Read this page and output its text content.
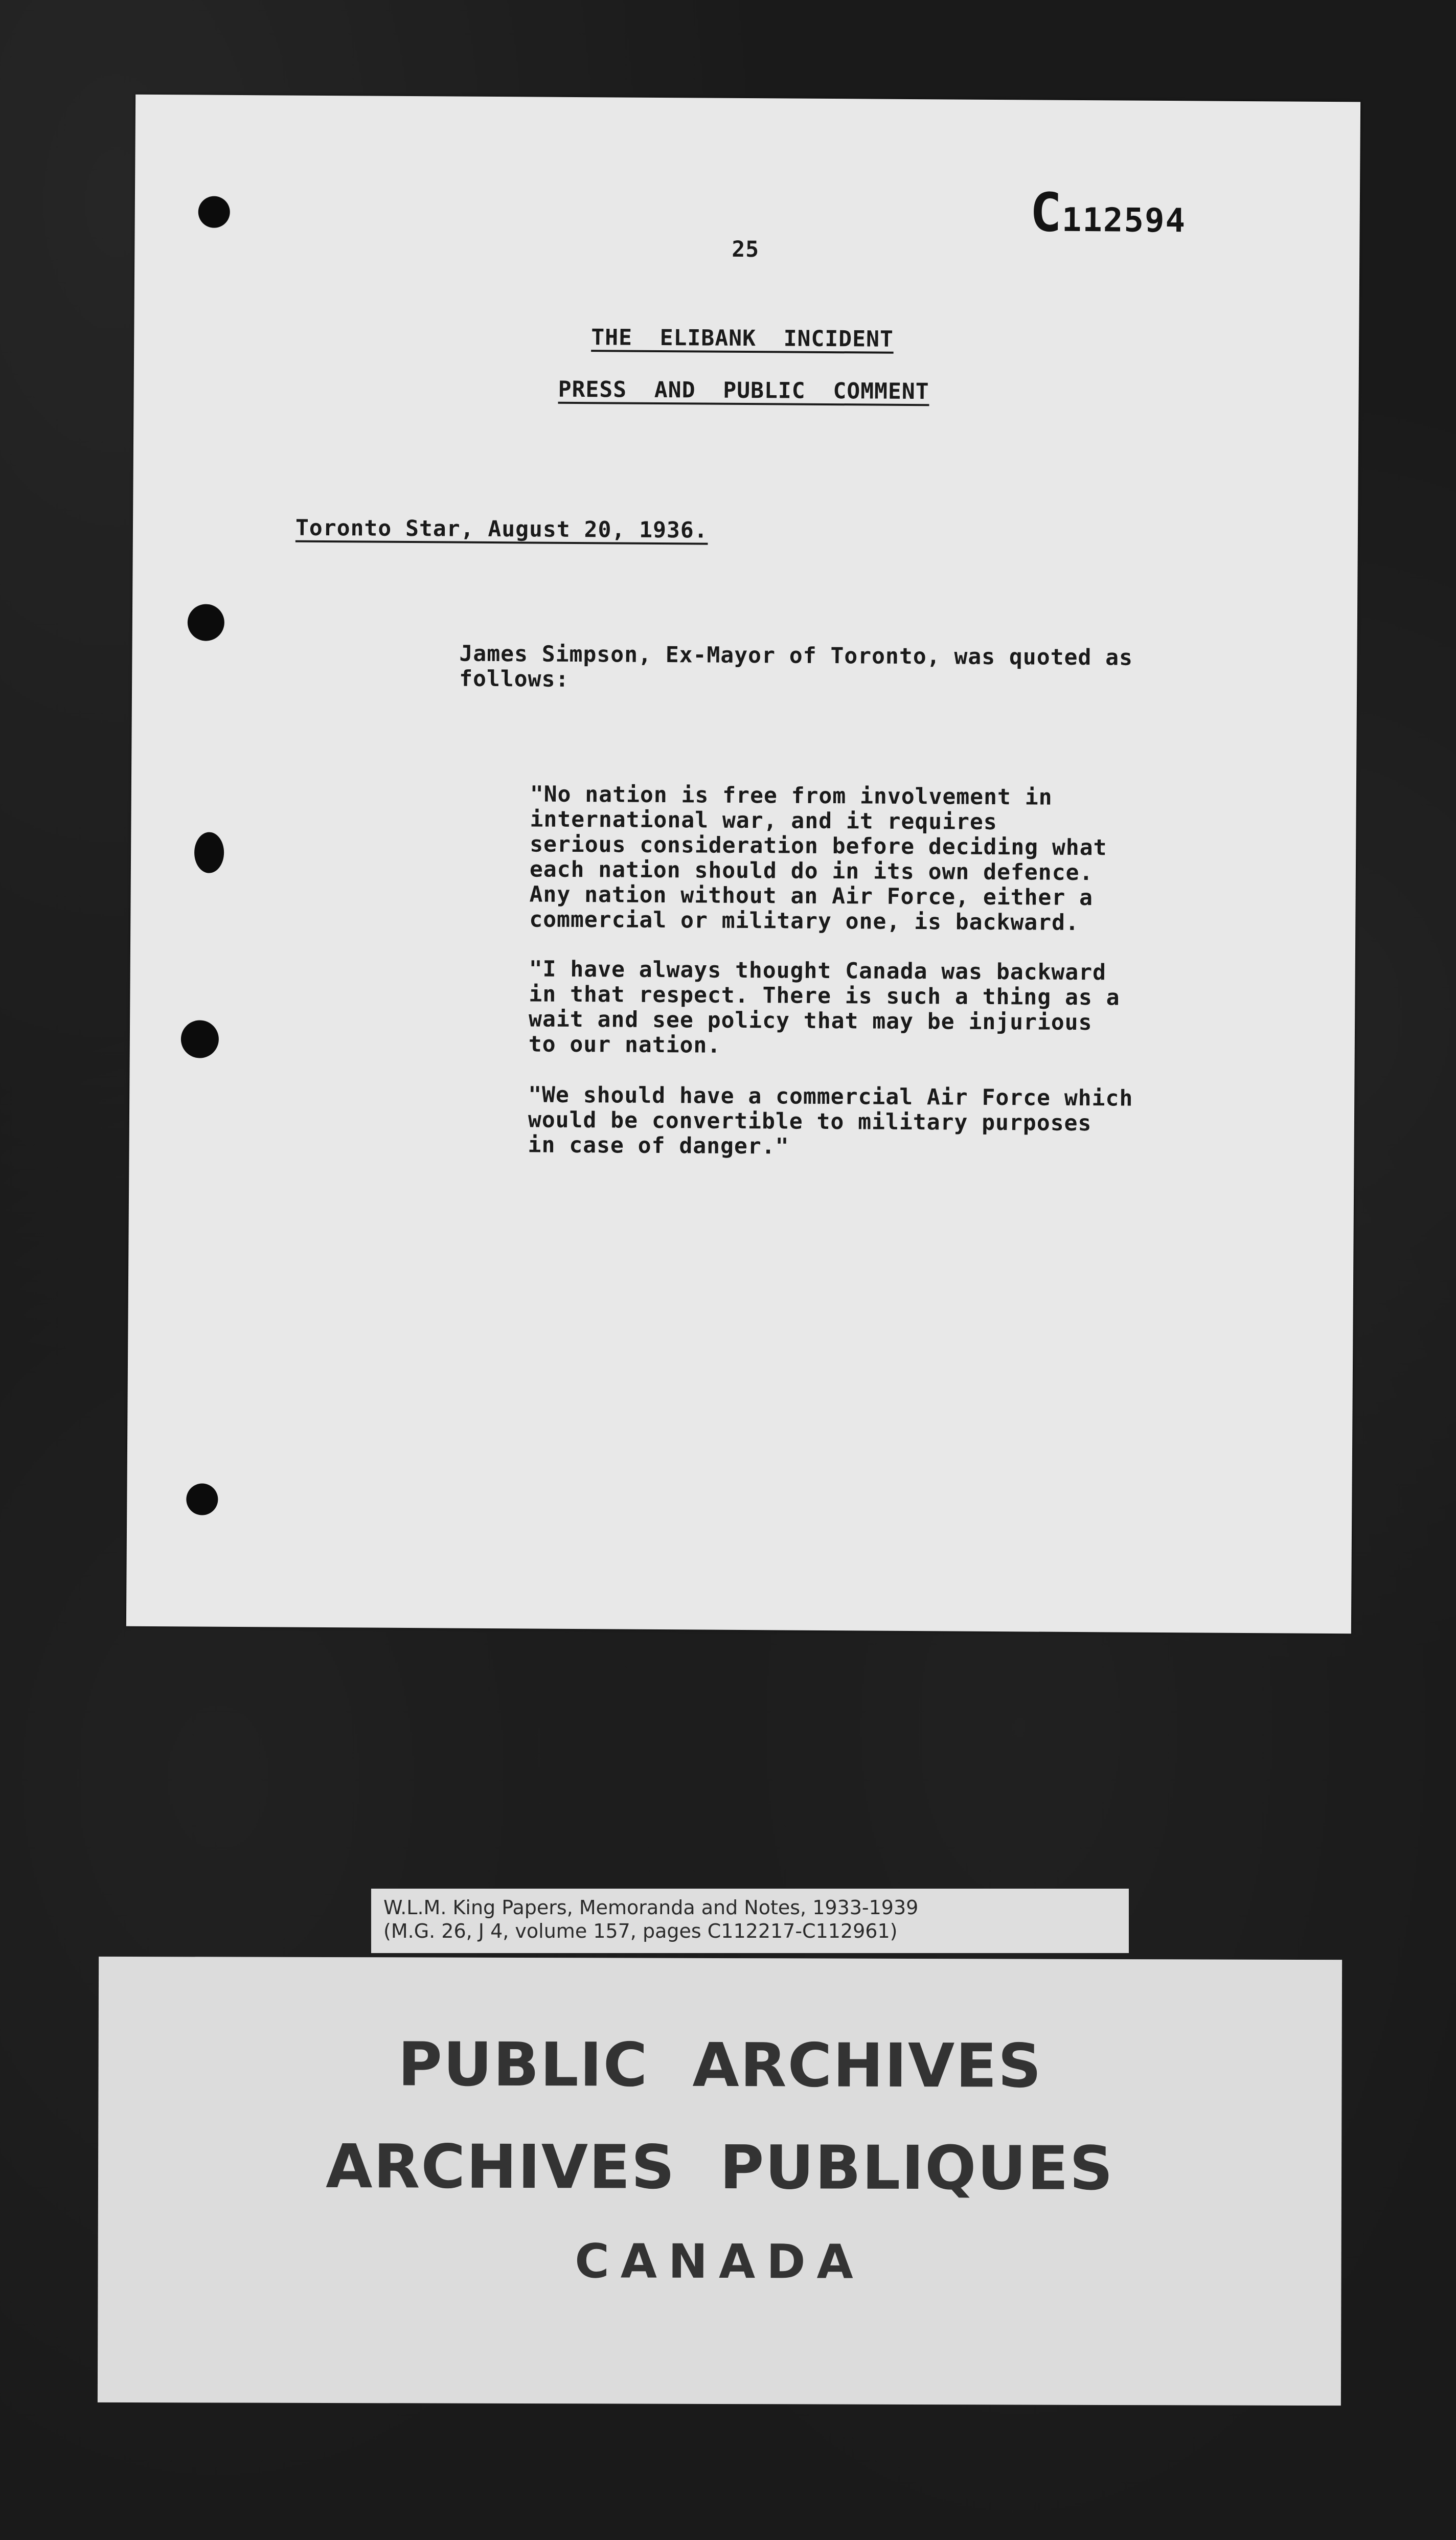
C112594

25
THE  ELIBANK  INCIDENT
PRESS  AND  PUBLIC  COMMENT
Toronto Star, August 20, 1936.
James Simpson, Ex-Mayor of Toronto, was quoted as
follows:
"No nation is free from involvement in
international war, and it requires
serious consideration before deciding what
each nation should do in its own defence.
Any nation without an Air Force, either a
commercial or military one, is backward.
"I have always thought Canada was backward
in that respect. There is such a thing as a
wait and see policy that may be injurious
to our nation.
"We should have a commercial Air Force which
would be convertible to military purposes
in case of danger."
W.L.M. King Papers, Memoranda and Notes, 1933-1939
(M.G. 26, J 4, volume 157, pages C112217-C112961)
PUBLIC  ARCHIVES
ARCHIVES  PUBLIQUES
CANADA
